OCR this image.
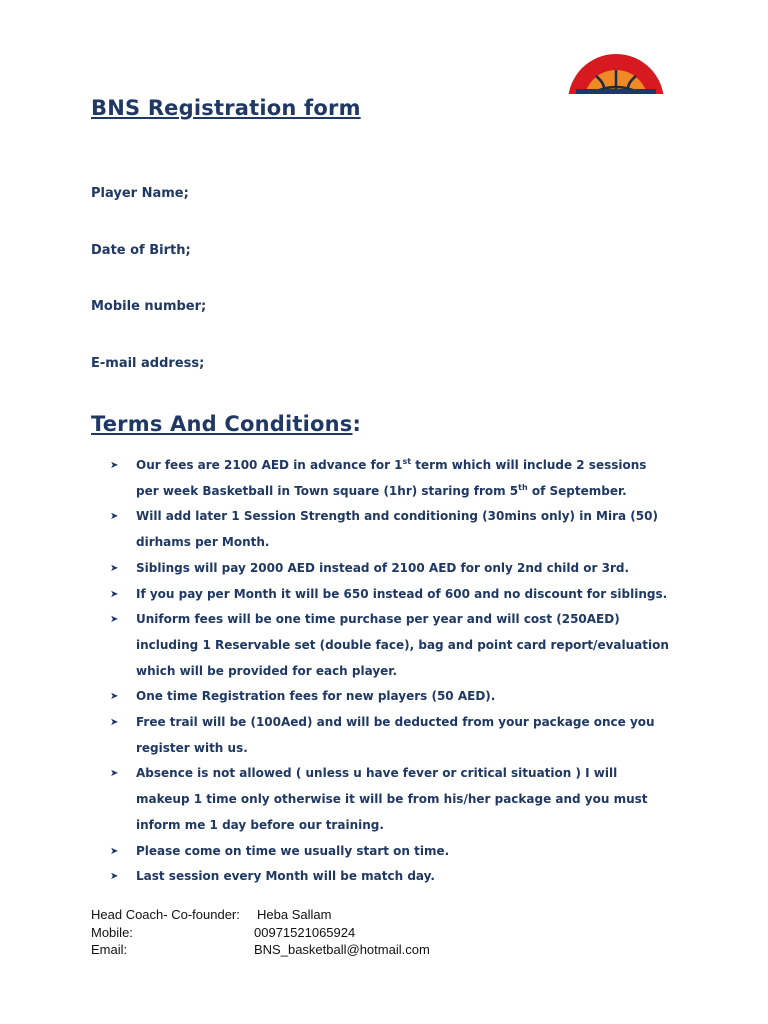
BNS Registration form

Player Name;

Date of Birth;

Mobile number;

E-mail address;

Terms And Conditions:
➤ Our fees are 2100 AED in advance for 1st term which will include 2 sessions
per week Basketball in Town square (1hr) staring from 5th of September.
➤ Will add later 1 Session Strength and conditioning (30mins only) in Mira (50)
dirhams per Month.
➤ Siblings will pay 2000 AED instead of 2100 AED for only 2nd child or 3rd.
➤ If you pay per Month it will be 650 instead of 600 and no discount for siblings.
➤ Uniform fees will be one time purchase per year and will cost (250AED)
including 1 Reservable set (double face), bag and point card report/evaluation
which will be provided for each player.
➤ One time Registration fees for new players (50 AED).
➤ Free trail will be (100Aed) and will be deducted from your package once you
register with us.
➤ Absence is not allowed ( unless u have fever or critical situation ) I will
makeup 1 time only otherwise it will be from his/her package and you must
inform me 1 day before our training.
➤ Please come on time we usually start on time.
➤ Last session every Month will be match day.
Head Coach- Co-founder: Heba Sallam
Mobile:	00971521065924
Email:	BNS_basketball@hotmail.com
